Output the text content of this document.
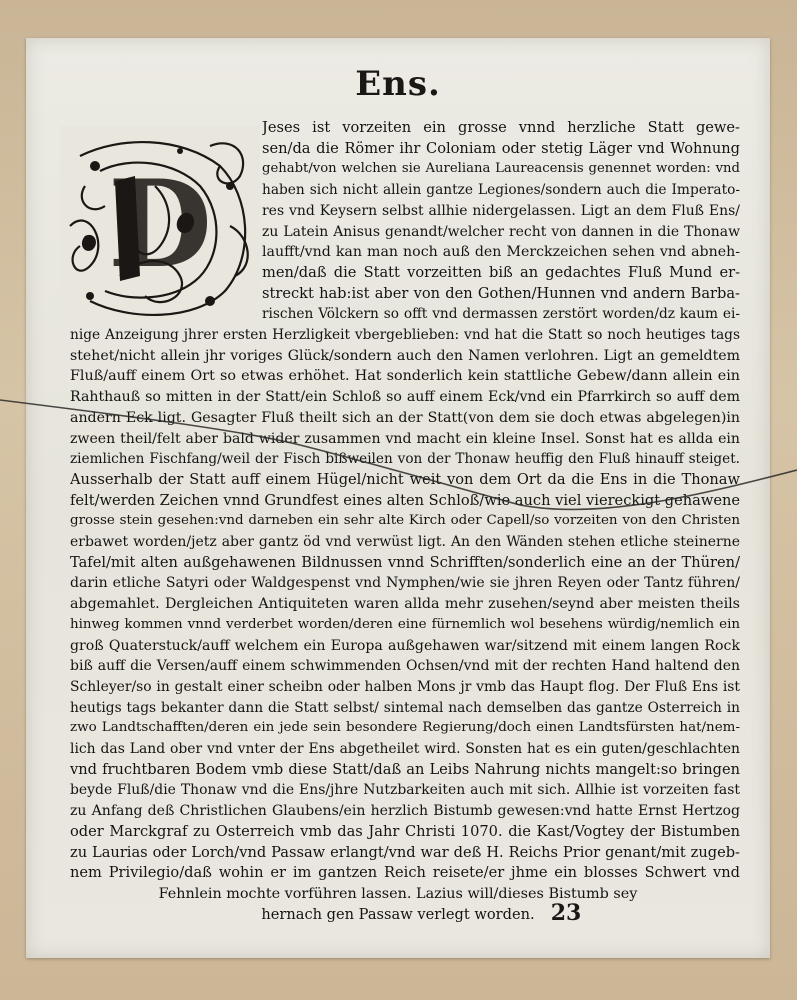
Ens.
D
Jeses ist vorzeiten ein grosse vnnd herzliche Statt gewe-
sen/da die Römer ihr Coloniam oder stetig Läger vnd Wohnung
gehabt/von welchen sie Aureliana Laureacensis genennet worden: vnd
haben sich nicht allein gantze Legiones/sondern auch die Imperato-
res vnd Keysern selbst allhie nidergelassen. Ligt an dem Fluß Ens/
zu Latein Anisus genandt/welcher recht von dannen in die Thonaw
laufft/vnd kan man noch auß den Merckzeichen sehen vnd abneh-
men/daß die Statt vorzeitten biß an gedachtes Fluß Mund er-
streckt hab:ist aber von den Gothen/Hunnen vnd andern Barba-
rischen Völckern so offt vnd dermassen zerstört worden/dz kaum ei-
nige Anzeigung jhrer ersten Herzligkeit vbergeblieben: vnd hat die Statt so noch heutiges tags
stehet/nicht allein jhr voriges Glück/sondern auch den Namen verlohren. Ligt an gemeldtem
Fluß/auff einem Ort so etwas erhöhet. Hat sonderlich kein stattliche Gebew/dann allein ein
Rahthauß so mitten in der Statt/ein Schloß so auff einem Eck/vnd ein Pfarrkirch so auff dem
andern Eck ligt. Gesagter Fluß theilt sich an der Statt(von dem sie doch etwas abgelegen)in
zween theil/felt aber bald wider zusammen vnd macht ein kleine Insel. Sonst hat es allda ein
ziemlichen Fischfang/weil der Fisch bißweilen von der Thonaw heuffig den Fluß hinauff steiget.
Ausserhalb der Statt auff einem Hügel/nicht weit von dem Ort da die Ens in die Thonaw
felt/werden Zeichen vnnd Grundfest eines alten Schloß/wie auch viel viereckigt gehawene
grosse stein gesehen:vnd darneben ein sehr alte Kirch oder Capell/so vorzeiten von den Christen
erbawet worden/jetz aber gantz öd vnd verwüst ligt. An den Wänden stehen etliche steinerne
Tafel/mit alten außgehawenen Bildnussen vnnd Schrifften/sonderlich eine an der Thüren/
darin etliche Satyri oder Waldgespenst vnd Nymphen/wie sie jhren Reyen oder Tantz führen/
abgemahlet. Dergleichen Antiquiteten waren allda mehr zusehen/seynd aber meisten theils
hinweg kommen vnnd verderbet worden/deren eine fürnemlich wol besehens würdig/nemlich ein
groß Quaterstuck/auff welchem ein Europa außgehawen war/sitzend mit einem langen Rock
biß auff die Versen/auff einem schwimmenden Ochsen/vnd mit der rechten Hand haltend den
Schleyer/so in gestalt einer scheibn oder halben Mons jr vmb das Haupt flog. Der Fluß Ens ist
heutigs tags bekanter dann die Statt selbst/ sintemal nach demselben das gantze Osterreich in
zwo Landtschafften/deren ein jede sein besondere Regierung/doch einen Landtsfürsten hat/nem-
lich das Land ober vnd vnter der Ens abgetheilet wird. Sonsten hat es ein guten/geschlachten
vnd fruchtbaren Bodem vmb diese Statt/daß an Leibs Nahrung nichts mangelt:so bringen
beyde Fluß/die Thonaw vnd die Ens/jhre Nutzbarkeiten auch mit sich. Allhie ist vorzeiten fast
zu Anfang deß Christlichen Glaubens/ein herzlich Bistumb gewesen:vnd hatte Ernst Hertzog
oder Marckgraf zu Osterreich vmb das Jahr Christi 1070. die Kast/Vogtey der Bistumben
zu Laurias oder Lorch/vnd Passaw erlangt/vnd war deß H. Reichs Prior genant/mit zugeb-
nem Privilegio/daß wohin er im gantzen Reich reisete/er jhme ein blosses Schwert vnd
Fehnlein mochte vorführen lassen. Lazius will/dieses Bistumb sey
hernach gen Passaw verlegt worden. 23
